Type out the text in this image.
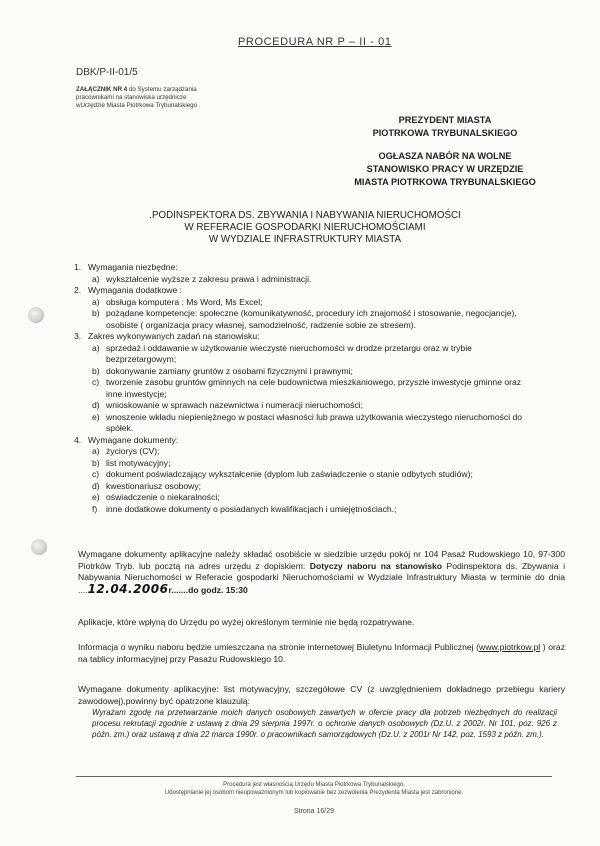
PROCEDURA NR P – II - 01
DBK/P-II-01/5
ZAŁĄCZNIK NR 4 do Systemu zarządzania pracownikami na stanowiska urzędnicze wUrzędzie Miasta Piotrkowa Trybunalskiego
PREZYDENT MIASTA
PIOTRKOWA TRYBUNALSKIEGO
OGŁASZA NABÓR NA WOLNE
STANOWISKO PRACY W URZĘDZIE
MIASTA PIOTRKOWA TRYBUNALSKIEGO
.PODINSPEKTORA DS. ZBYWANIA I NABYWANIA NIERUCHOMOŚCI
W REFERACIE GOSPODARKI NIERUCHOMOŚCIAMI
W WYDZIALE INFRASTRUKTURY MIASTA
1. Wymagania niezbędne:
a) wykształcenie wyższe z zakresu prawa i administracji.
2. Wymagania dodatkowe :
a) obsługa komputera : Ms Word, Ms Excel;
b) pożądane kompetencje: społeczne (komunikatywność, procedury ich znajomość i stosowanie, negocjancje),
osobiste ( organizacja pracy własnej, samodzielność, radzenie sobie ze stresem).
3. Zakres wykonywanych zadań na stanowisku:
a) sprzedaż i oddawanie w użytkowanie wieczyste nieruchomości w drodze przetargu oraz w trybie
bezprzetargowym;
b) dokonywanie zamiany gruntów z osobami fizycznymi i prawnymi;
c) tworzenie zasobu gruntów gminnych na cele budownictwa mieszkaniowego, przyszłe inwestycje gminne oraz
inne inwestycje;
d) wnioskowanie w sprawach nazewnictwa i numeracji nieruchomości;
e) wnoszenie wkładu niepieniężnego w postaci własności lub prawa użytkowania wieczystego nieruchomości do
spółek.
4. Wymagane dokumenty:
a) życiorys (CV);
b) list motywacyjny;
c) dokument poświadczający wykształcenie (dyplom lub zaświadczenie o stanie odbytych studiów);
d) kwestionariusz osobowy;
e) oświadczenie o niekaralności;
f) inne dodatkowe dokumenty o posiadanych kwalifikacjach i umiejętnościach.;
Wymagane dokumenty aplikacyjne należy składać osobiście w siedzibie urzędu pokój nr 104 Pasaż Rudowskiego 10, 97-300 Piotrków Tryb. lub pocztą na adres urzędu z dopiskiem: Dotyczy naboru na stanowisko Podinspektora ds. Zbywania i Nabywania Nieruchomości w Referacie gospodarki Nieruchomościami w Wydziale Infrastruktury Miasta w terminie do dnia ....12.04.2006r.......do godz. 15:30
Aplikacje, które wpłyną do Urzędu po wyżej określonym terminie nie będą rozpatrywane.
Informacja o wyniku naboru będzie umieszczana na stronie internetowej Biuletynu Informacji Publicznej (www.piotrkow.pl ) oraz na tablicy informacyjnej przy Pasażu Rudowskiego 10.
Wymagane dokumenty aplikacyjne: list motywacyjny, szczegółowe CV (z uwzględnieniem dokładnego przebiegu kariery zawodowej),powinny być opatrzone klauzulą:
Wyrażam zgodę na przetwarzanie moich danych osobowych zawartych w ofercie pracy dla potrzeb niezbędnych do realizacji procesu rekrutacji zgodnie z ustawą z dnia 29 sierpnia 1997r. o ochronie danych osobowych (Dz.U. z 2002r. Nr 101, poz. 926 z późn. zm.) oraz ustawą z dnia 22 marca 1990r. o pracownikach samorządowych (Dz.U. z 2001r Nr 142, poz. 1593 z późn. zm.).
Procedura jest własnością Urzędu Miasta Piotrkowa Trybunalskiego.
Udostępnianie jej osobom nieupoważnionym lub kopiowanie bez zezwolenia Prezydenta Miasta jest zabronione.
Strona 16/29
